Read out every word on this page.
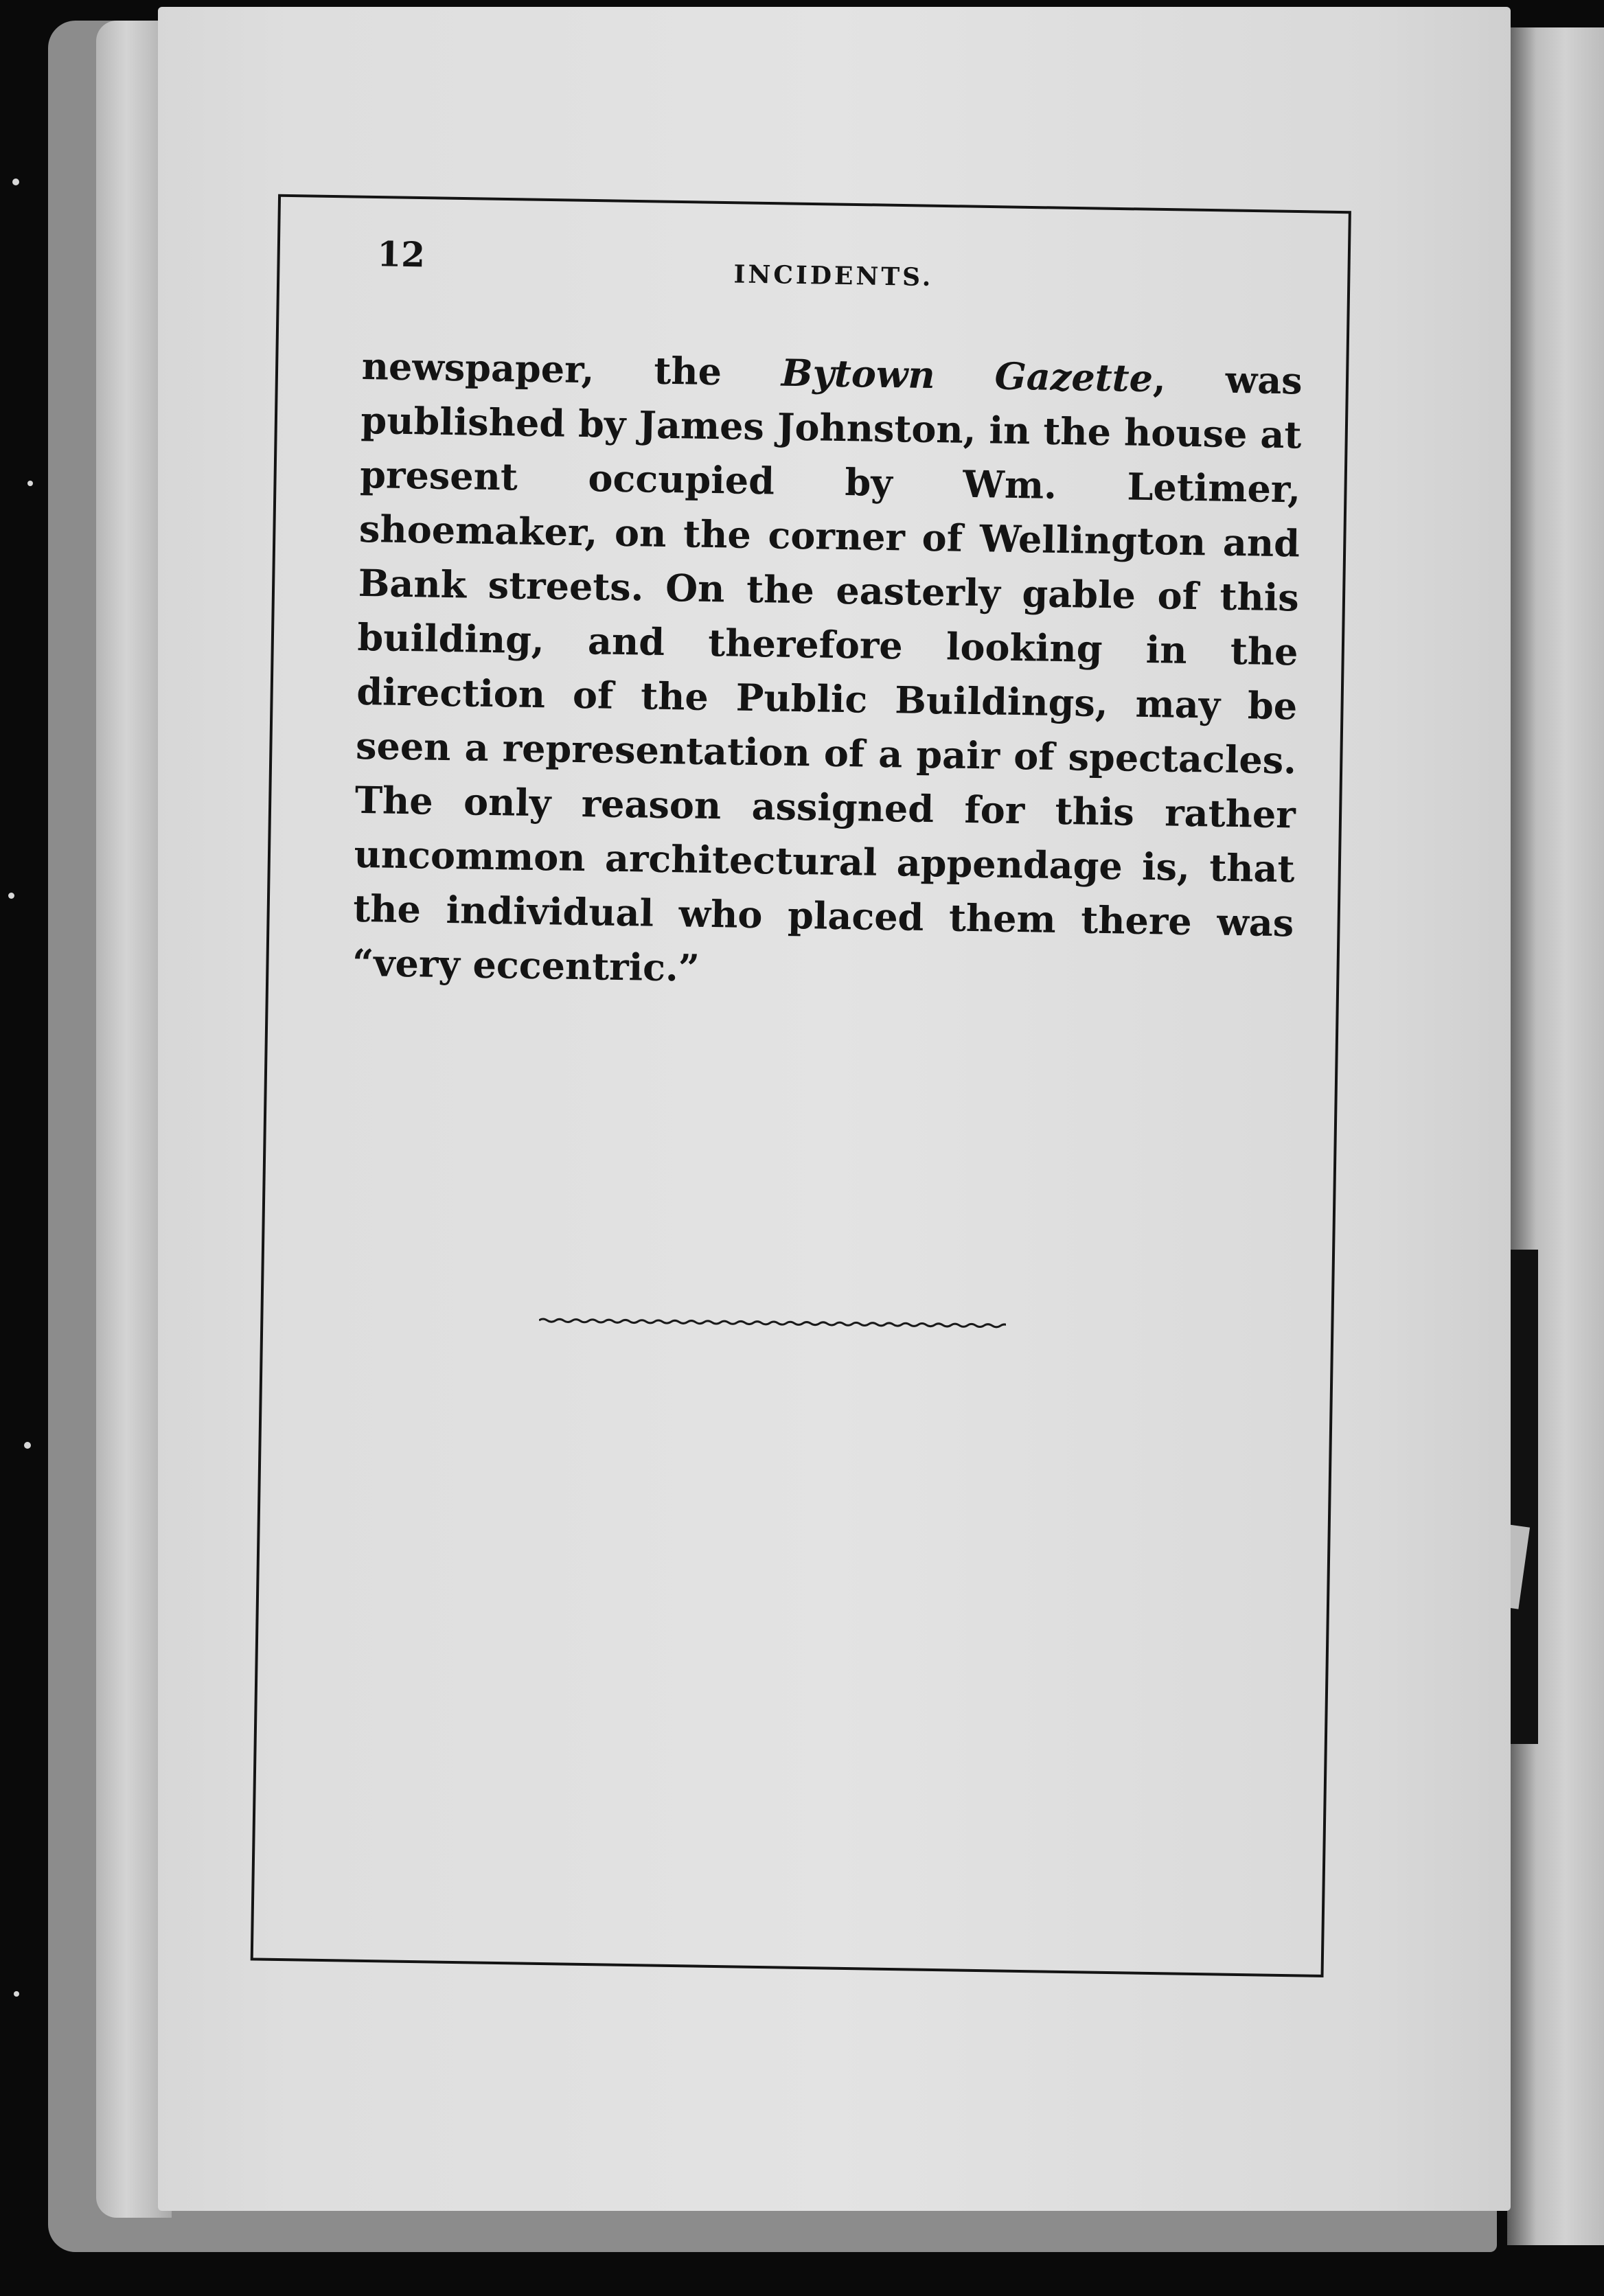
12
INCIDENTS.

newspaper, the Bytown Gazette, was published by James Johnston, in the house at present occupied by Wm. Letimer, shoemaker, on the corner of Wellington and Bank streets. On the easterly gable of this building, and therefore looking in the direction of the Public Buildings, may be seen a representation of a pair of spectacles. The only reason assigned for this rather uncommon architectural appendage is, that the individual who placed them there was “very eccentric.”
